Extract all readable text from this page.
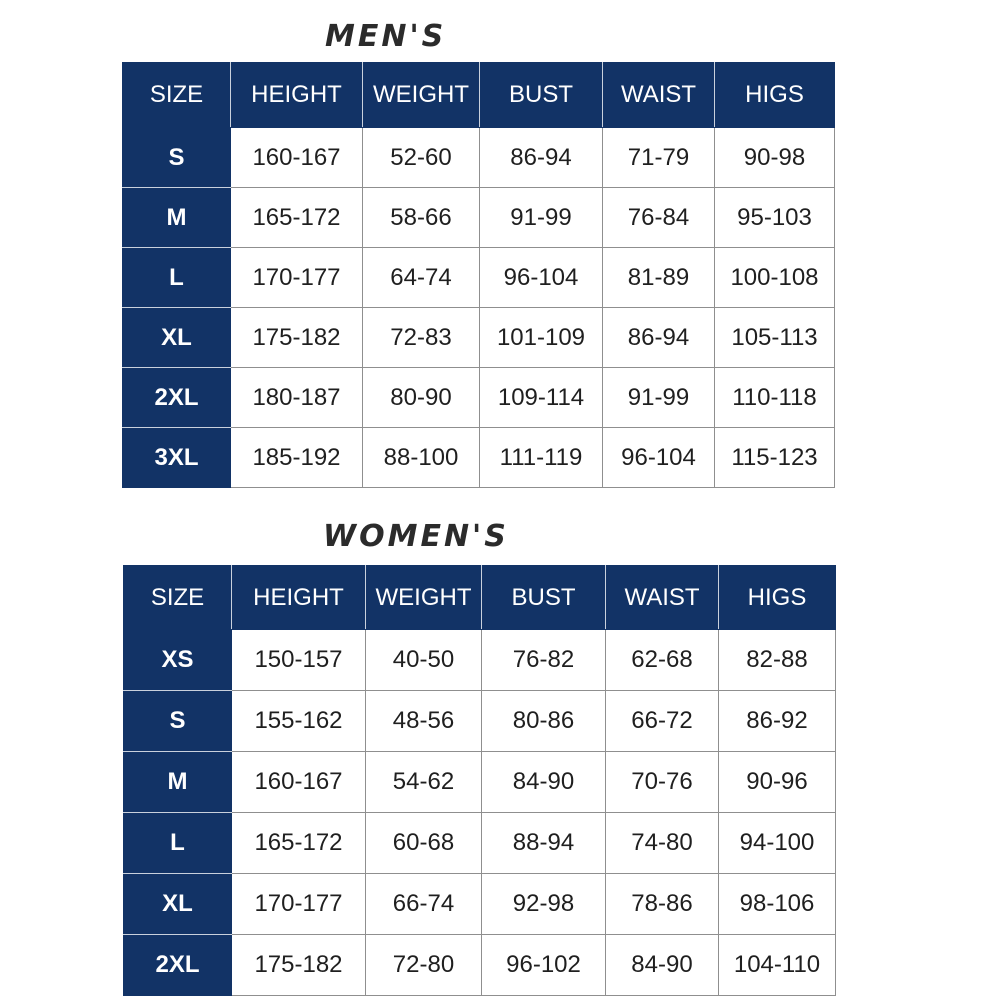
MEN'S
SIZE	HEIGHT	WEIGHT	BUST	WAIST	HIGS
S	160-167	52-60	86-94	71-79	90-98
M	165-172	58-66	91-99	76-84	95-103
L	170-177	64-74	96-104	81-89	100-108
XL	175-182	72-83	101-109	86-94	105-113
2XL	180-187	80-90	109-114	91-99	110-118
3XL	185-192	88-100	111-119	96-104	115-123
WOMEN'S
SIZE	HEIGHT	WEIGHT	BUST	WAIST	HIGS
XS	150-157	40-50	76-82	62-68	82-88
S	155-162	48-56	80-86	66-72	86-92
M	160-167	54-62	84-90	70-76	90-96
L	165-172	60-68	88-94	74-80	94-100
XL	170-177	66-74	92-98	78-86	98-106
2XL	175-182	72-80	96-102	84-90	104-110
